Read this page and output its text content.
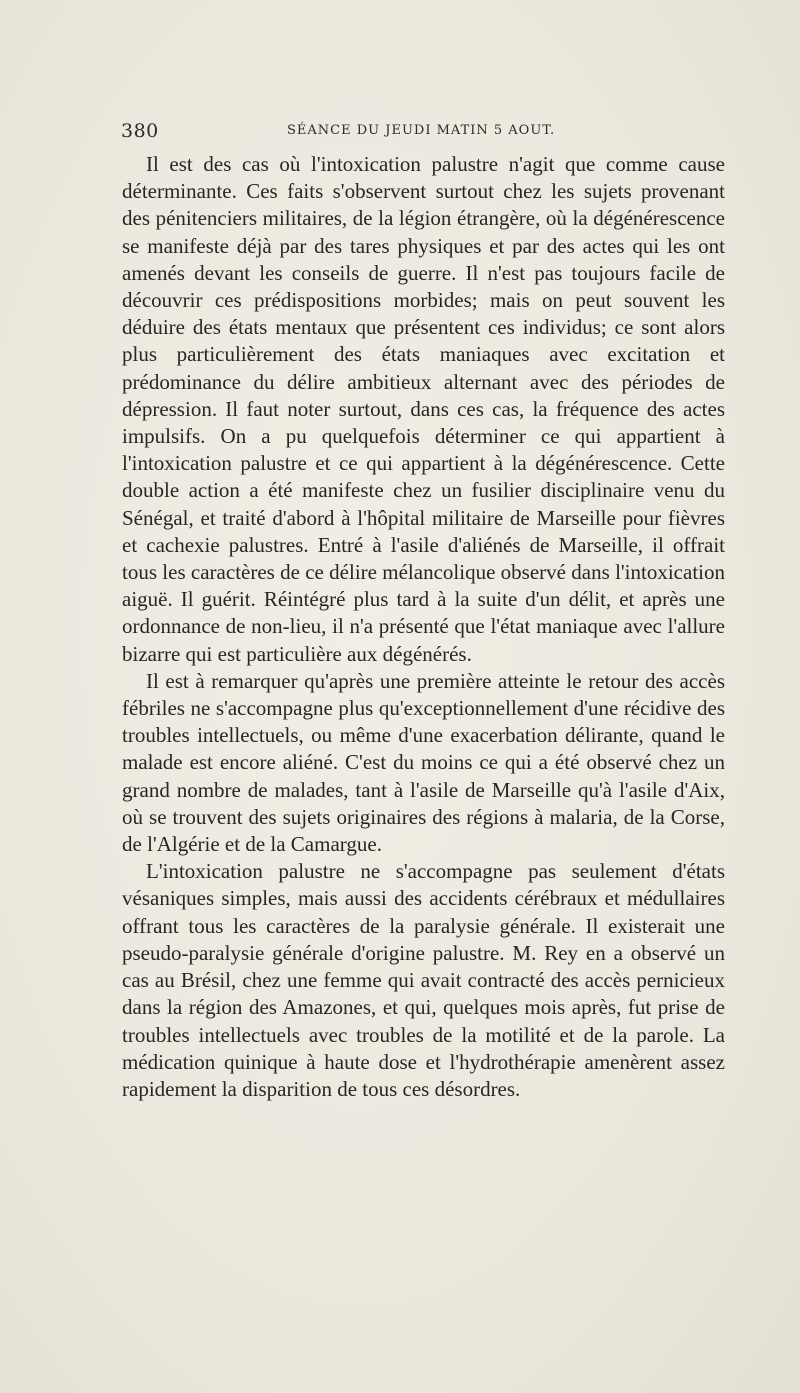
380	SÉANCE DU JEUDI MATIN 5 AOUT.

Il est des cas où l'intoxication palustre n'agit que comme cause déterminante. Ces faits s'observent surtout chez les sujets provenant des pénitenciers militaires, de la légion étrangère, où la dégénérescence se manifeste déjà par des tares physiques et par des actes qui les ont amenés devant les conseils de guerre. Il n'est pas toujours facile de découvrir ces prédispositions morbides; mais on peut souvent les déduire des états mentaux que présentent ces individus; ce sont alors plus particulièrement des états maniaques avec excitation et prédominance du délire ambitieux alternant avec des périodes de dépression. Il faut noter surtout, dans ces cas, la fréquence des actes impulsifs. On a pu quelquefois déterminer ce qui appartient à l'intoxication palustre et ce qui appartient à la dégénérescence. Cette double action a été manifeste chez un fusilier disciplinaire venu du Sénégal, et traité d'abord à l'hôpital militaire de Marseille pour fièvres et cachexie palustres. Entré à l'asile d'aliénés de Marseille, il offrait tous les caractères de ce délire mélancolique observé dans l'intoxication aiguë. Il guérit. Réintégré plus tard à la suite d'un délit, et après une ordonnance de non-lieu, il n'a présenté que l'état maniaque avec l'allure bizarre qui est particulière aux dégénérés.

Il est à remarquer qu'après une première atteinte le retour des accès fébriles ne s'accompagne plus qu'exceptionnellement d'une récidive des troubles intellectuels, ou même d'une exacerbation délirante, quand le malade est encore aliéné. C'est du moins ce qui a été observé chez un grand nombre de malades, tant à l'asile de Marseille qu'à l'asile d'Aix, où se trouvent des sujets originaires des régions à malaria, de la Corse, de l'Algérie et de la Camargue.

L'intoxication palustre ne s'accompagne pas seulement d'états vésaniques simples, mais aussi des accidents cérébraux et médullaires offrant tous les caractères de la paralysie générale. Il existerait une pseudo-paralysie générale d'origine palustre. M. Rey en a observé un cas au Brésil, chez une femme qui avait contracté des accès pernicieux dans la région des Amazones, et qui, quelques mois après, fut prise de troubles intellectuels avec troubles de la motilité et de la parole. La médication quinique à haute dose et l'hydrothérapie amenèrent assez rapidement la disparition de tous ces désordres.
